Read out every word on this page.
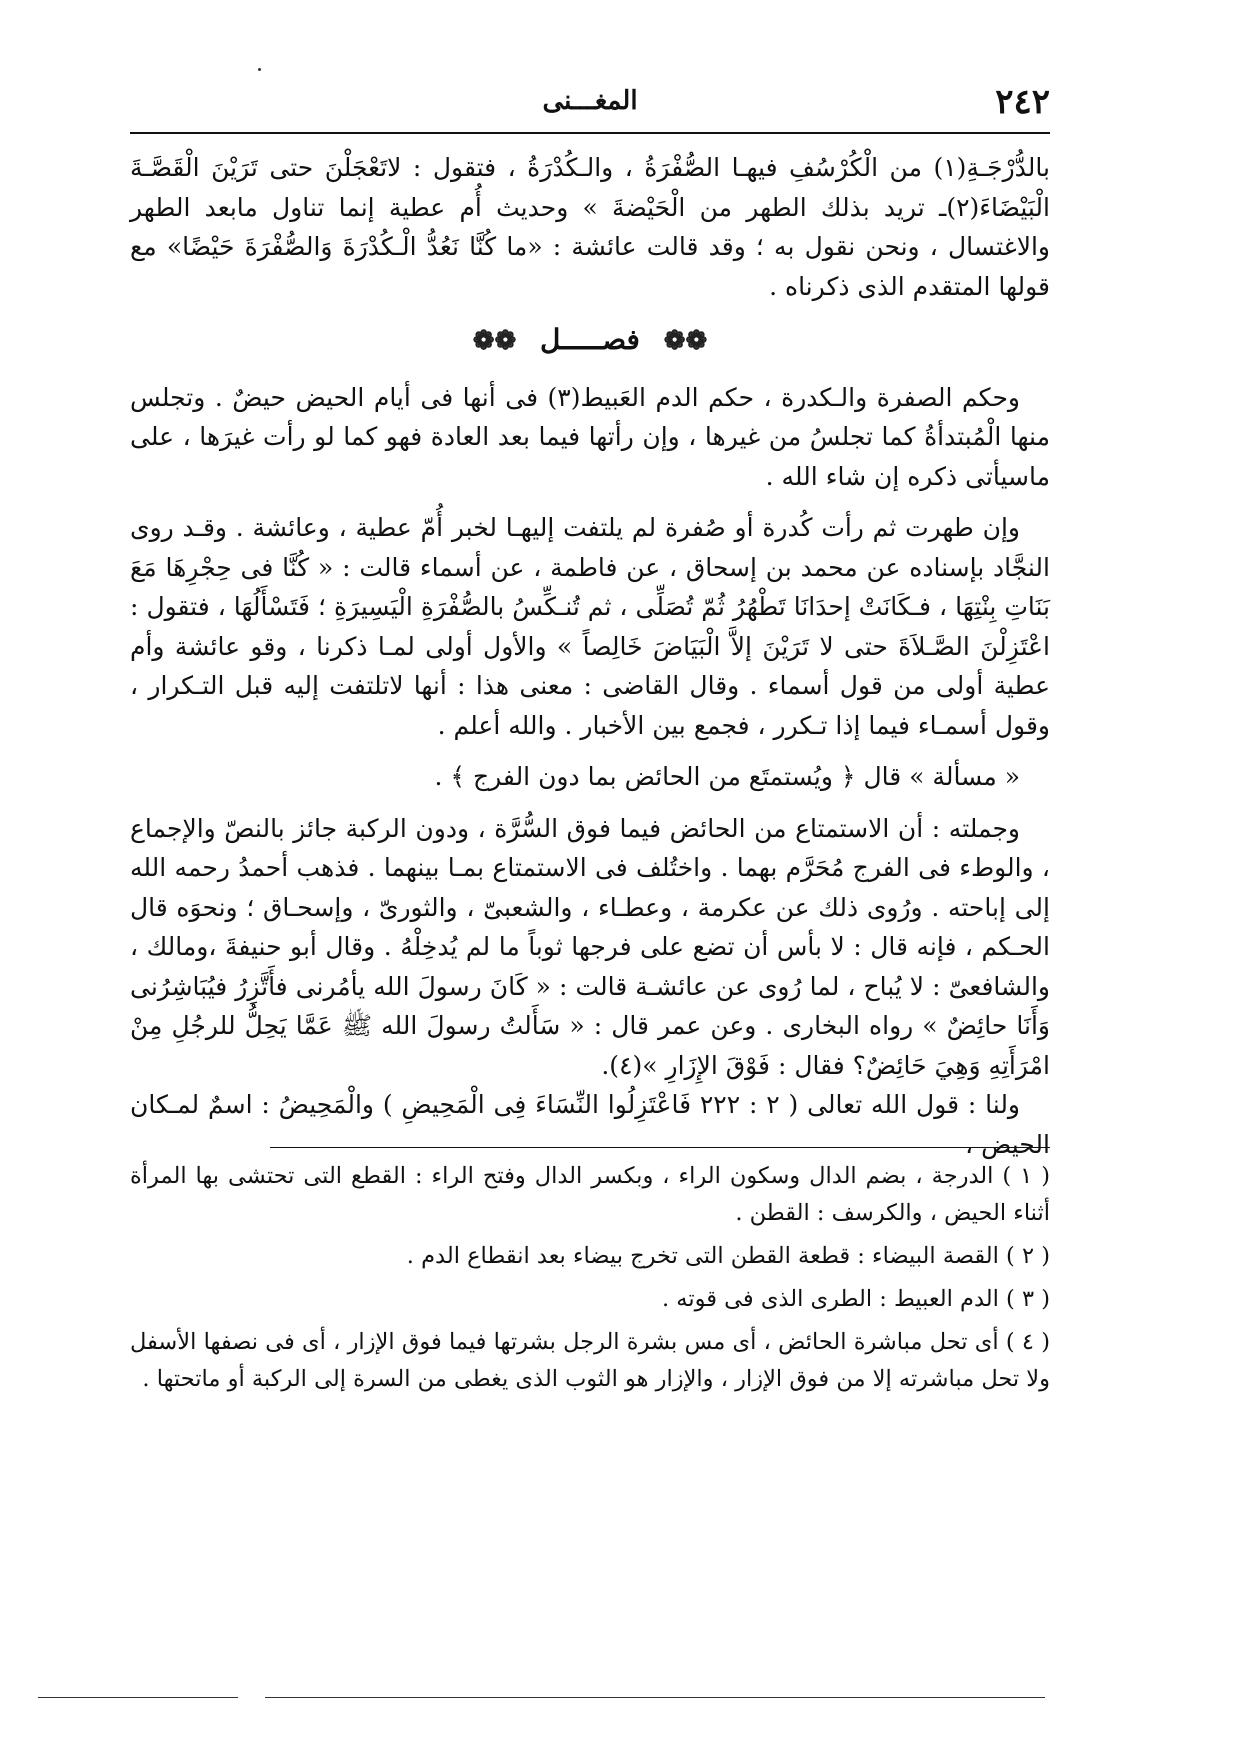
٢٤٢
المغـــنى

بالدُّرْجَـةِ(١) من الْكُرْسُفِ فيهـا الصُّفْرَةُ ، والـكُدْرَةُ ، فتقول : لاتَعْجَلْنَ حتى تَرَيْنَ الْقَصَّـةَ الْبَيْضَاءَ(٢)ـ تريد بذلك الطهر من الْحَيْضةَ » وحديث أُم عطية إنما تناول مابعد الطهر والاغتسال ، ونحن نقول به ؛ وقد قالت عائشة : «ما كُنَّا نَعُدُّ الْـكُدْرَةَ وَالصُّفْرَةَ حَيْضًا» مع قولها المتقدم الذى ذكرناه .

❁❁ فصـــــل ❁❁

وحكم الصفرة والـكدرة ، حكم الدم العَبيط(٣) فى أنها فى أيام الحيض حيضٌ . وتجلس منها الْمُبتدأةُ كما تجلسُ من غيرها ، وإن رأتها فيما بعد العادة فهو كما لو رأت غيرَها ، على ماسيأتى ذكره إن شاء الله .

وإن طهرت ثم رأت كُدرة أو صُفرة لم يلتفت إليهـا لخبر أُمّ عطية ، وعائشة . وقـد روى النجَّاد بإسناده عن محمد بن إسحاق ، عن فاطمة ، عن أسماء قالت : « كُنَّا فى حِجْرِهَا مَعَ بَنَاتِ بِنْتِهَا ، فـكَانَتْ إحدَانَا تَطْهُرُ ثُمّ تُصَلِّى ، ثم تُنـكِّسُ بالصُّفْرَةِ الْيَسِيرَةِ ؛ فَتَسْأَلُهَا ، فتقول : اعْتَزِلْنَ الصَّـلاَةَ حتى لا تَرَيْنَ إلاَّ الْبَيَاضَ خَالِصاً » والأول أولى لمـا ذكرنا ، وقو عائشة وأم عطية أولى من قول أسماء . وقال القاضى : معنى هذا : أنها لاتلتفت إليه قبل التـكرار ، وقول أسمـاء فيما إذا تـكرر ، فجمع بين الأخبار . والله أعلم .

« مسألة » قال ﴿ ويُستمتَع من الحائض بما دون الفرج ﴾ .

وجملته : أن الاستمتاع من الحائض فيما فوق السُّرَّة ، ودون الركبة جائز بالنصّ والإجماع ، والوطء فى الفرج مُحَرَّم بهما . واختُلف فى الاستمتاع بمـا بينهما . فذهب أحمدُ رحمه الله إلى إباحته . ورُوى ذلك عن عكرمة ، وعطـاء ، والشعبىّ ، والثورىّ ، وإسحـاق ؛ ونحوَه قال الحـكم ، فإنه قال : لا بأس أن تضع على فرجها ثوباً ما لم يُدخِلْهُ . وقال أبو حنيفةَ ،ومالك ، والشافعىّ : لا يُباح ، لما رُوى عن عائشـة قالت : « كَانَ رسولَ الله يأمُرنى فأَتَّزِرُ فيُبَاشِرُنى وَأَنَا حائِضٌ » رواه البخارى . وعن عمر قال : « سَأَلتُ رسولَ الله ﷺ عَمَّا يَحِلُّ للرجُلِ مِنْ امْرَأَتِهِ وَهِيَ حَائِضٌ؟ فقال : فَوْقَ الإِزَارِ »(٤).

ولنا : قول الله تعالى ( ٢ : ٢٢٢ فَاعْتَزِلُوا النِّسَاءَ فِى الْمَحِيضِ ) والْمَحِيضُ : اسمٌ لمـكان الحيض ،

( ١ ) الدرجة ، بضم الدال وسكون الراء ، وبكسر الدال وفتح الراء : القطع التى تحتشى بها المرأة أثناء الحيض ، والكرسف : القطن .

( ٢ ) القصة البيضاء : قطعة القطن التى تخرج بيضاء بعد انقطاع الدم .

( ٣ ) الدم العبيط : الطرى الذى فى قوته .

( ٤ ) أى تحل مباشرة الحائض ، أى مس بشرة الرجل بشرتها فيما فوق الإزار ، أى فى نصفها الأسفل ولا تحل مباشرته إلا من فوق الإزار ، والإزار هو الثوب الذى يغطى من السرة إلى الركبة أو ماتحتها .
